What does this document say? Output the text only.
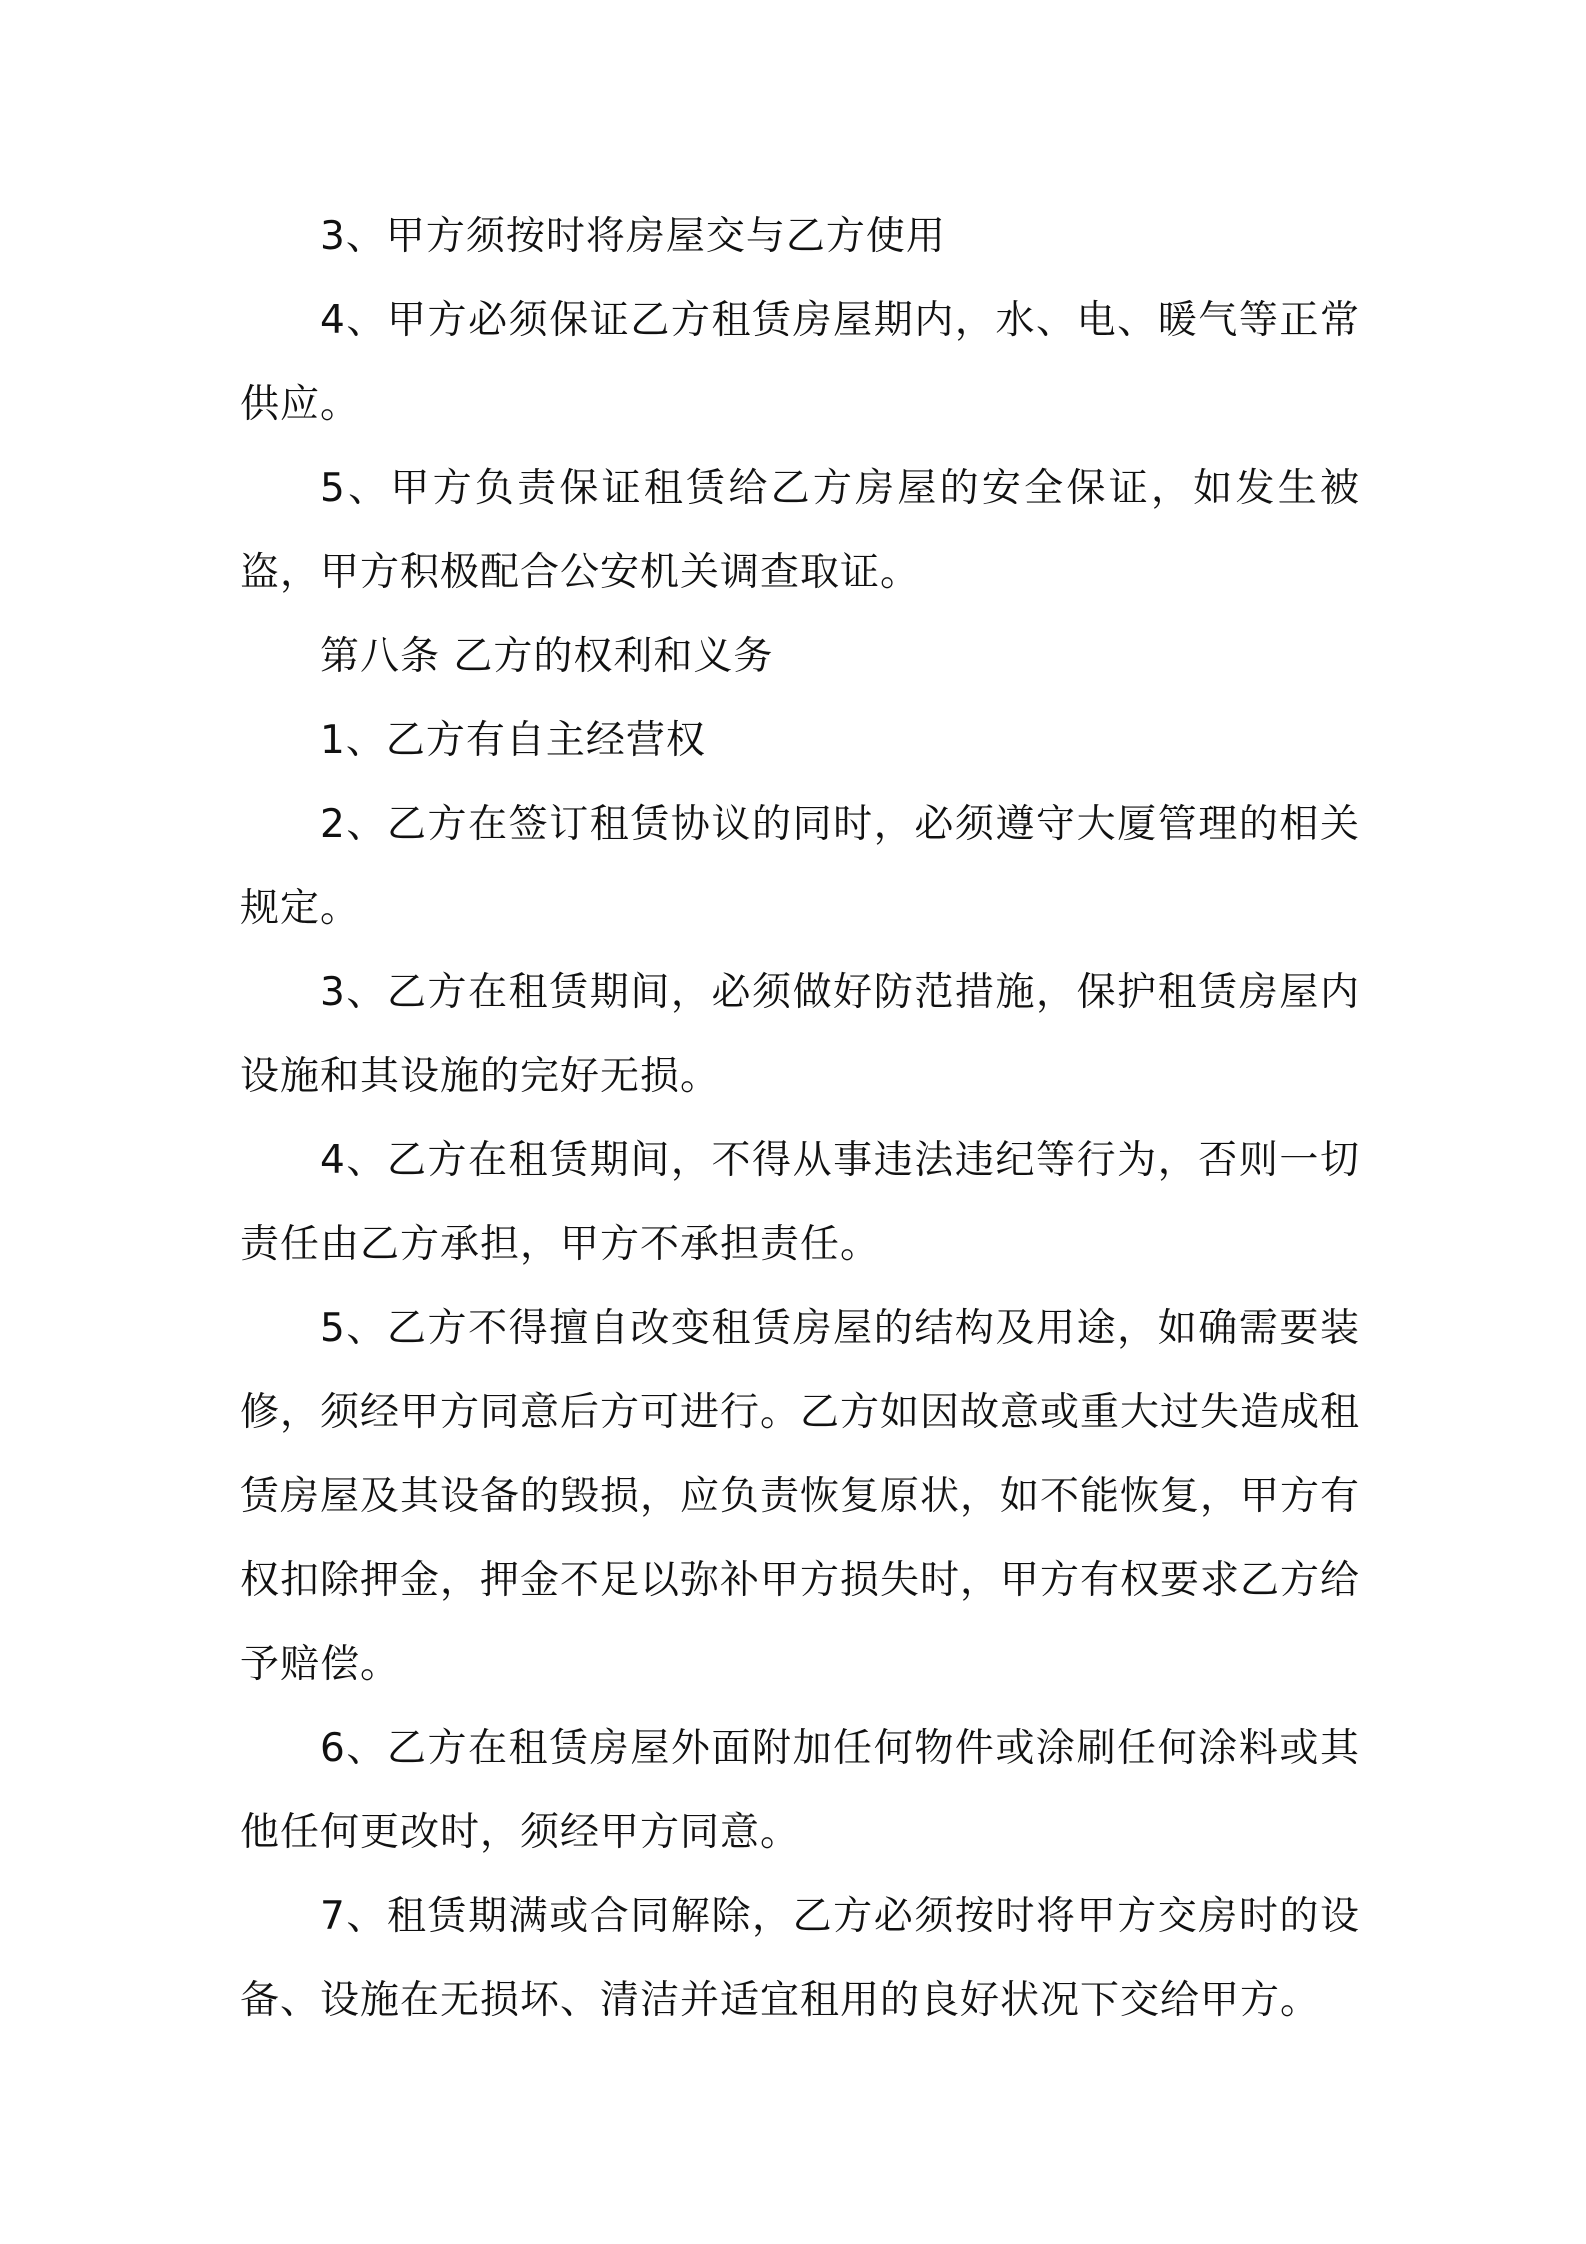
3、甲方须按时将房屋交与乙方使用

4、甲方必须保证乙方租赁房屋期内，水、电、暖气等正常供应。

5、甲方负责保证租赁给乙方房屋的安全保证，如发生被盗，甲方积极配合公安机关调查取证。

第八条 乙方的权利和义务

1、乙方有自主经营权

2、乙方在签订租赁协议的同时，必须遵守大厦管理的相关规定。

3、乙方在租赁期间，必须做好防范措施，保护租赁房屋内设施和其设施的完好无损。

4、乙方在租赁期间，不得从事违法违纪等行为，否则一切责任由乙方承担，甲方不承担责任。

5、乙方不得擅自改变租赁房屋的结构及用途，如确需要装修，须经甲方同意后方可进行。乙方如因故意或重大过失造成租赁房屋及其设备的毁损，应负责恢复原状，如不能恢复，甲方有权扣除押金，押金不足以弥补甲方损失时，甲方有权要求乙方给予赔偿。

6、乙方在租赁房屋外面附加任何物件或涂刷任何涂料或其他任何更改时，须经甲方同意。

7、租赁期满或合同解除，乙方必须按时将甲方交房时的设备、设施在无损坏、清洁并适宜租用的良好状况下交给甲方。
